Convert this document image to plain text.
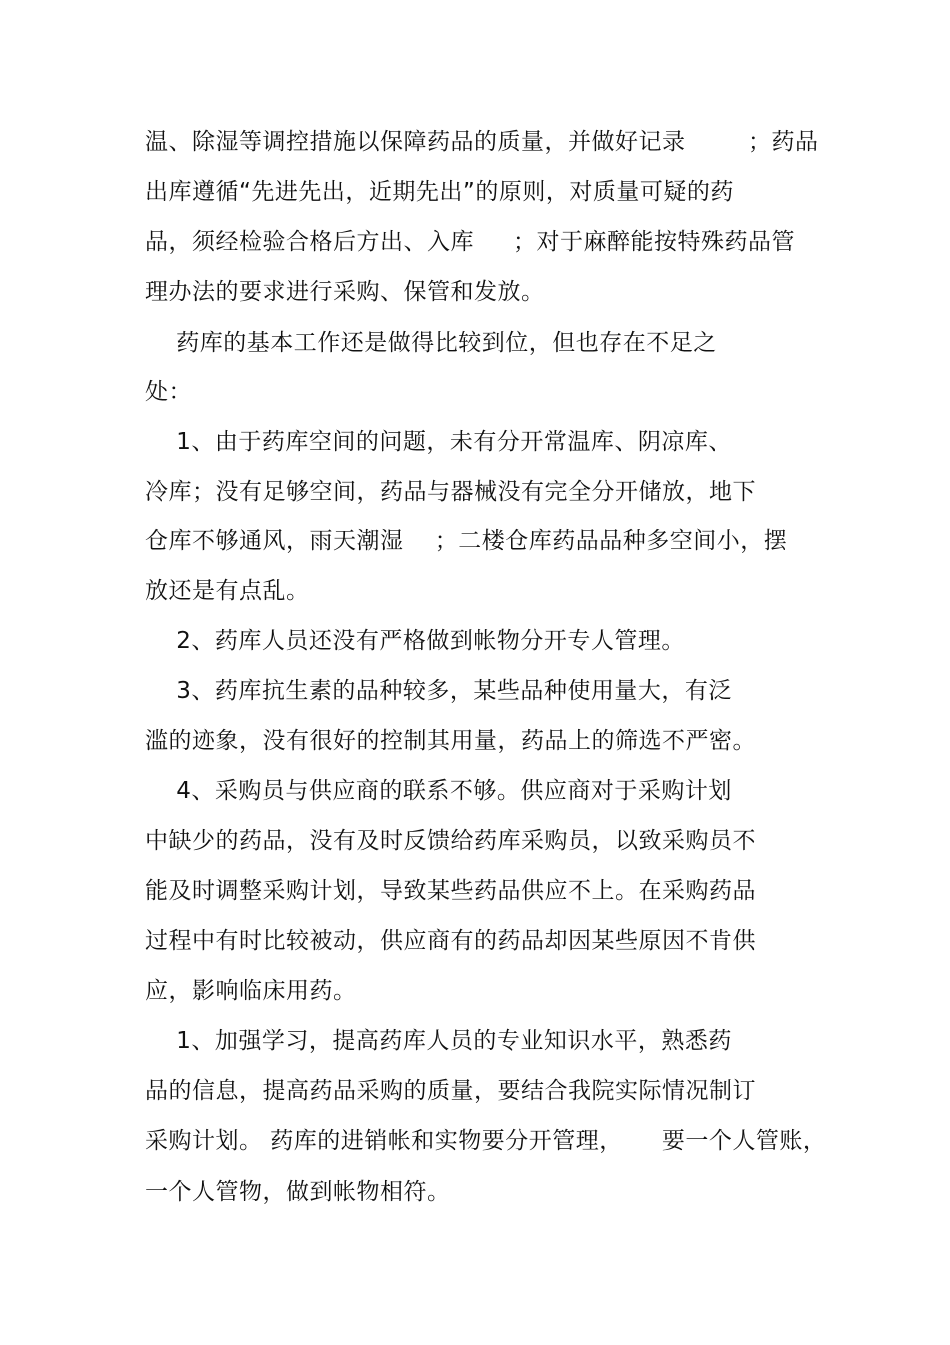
温、除湿等调控措施以保障药品的质量，并做好记录        ；药品
出库遵循“先进先出，近期先出”的原则，对质量可疑的药
品，须经检验合格后方出、入库     ；对于麻醉能按特殊药品管
理办法的要求进行采购、保管和发放。
药库的基本工作还是做得比较到位，但也存在不足之
处：
1、由于药库空间的问题，未有分开常温库、阴凉库、
冷库；没有足够空间，药品与器械没有完全分开储放，地下
仓库不够通风，雨天潮湿    ；二楼仓库药品品种多空间小，摆
放还是有点乱。
2、药库人员还没有严格做到帐物分开专人管理。
3、药库抗生素的品种较多，某些品种使用量大，有泛
滥的迹象，没有很好的控制其用量，药品上的筛选不严密。
4、采购员与供应商的联系不够。供应商对于采购计划
中缺少的药品，没有及时反馈给药库采购员，以致采购员不
能及时调整采购计划，导致某些药品供应不上。在采购药品
过程中有时比较被动，供应商有的药品却因某些原因不肯供
应，影响临床用药。
1、加强学习，提高药库人员的专业知识水平，熟悉药
品的信息，提高药品采购的质量，要结合我院实际情况制订
采购计划。 药库的进销帐和实物要分开管理，     要一个人管账，
一个人管物，做到帐物相符。
